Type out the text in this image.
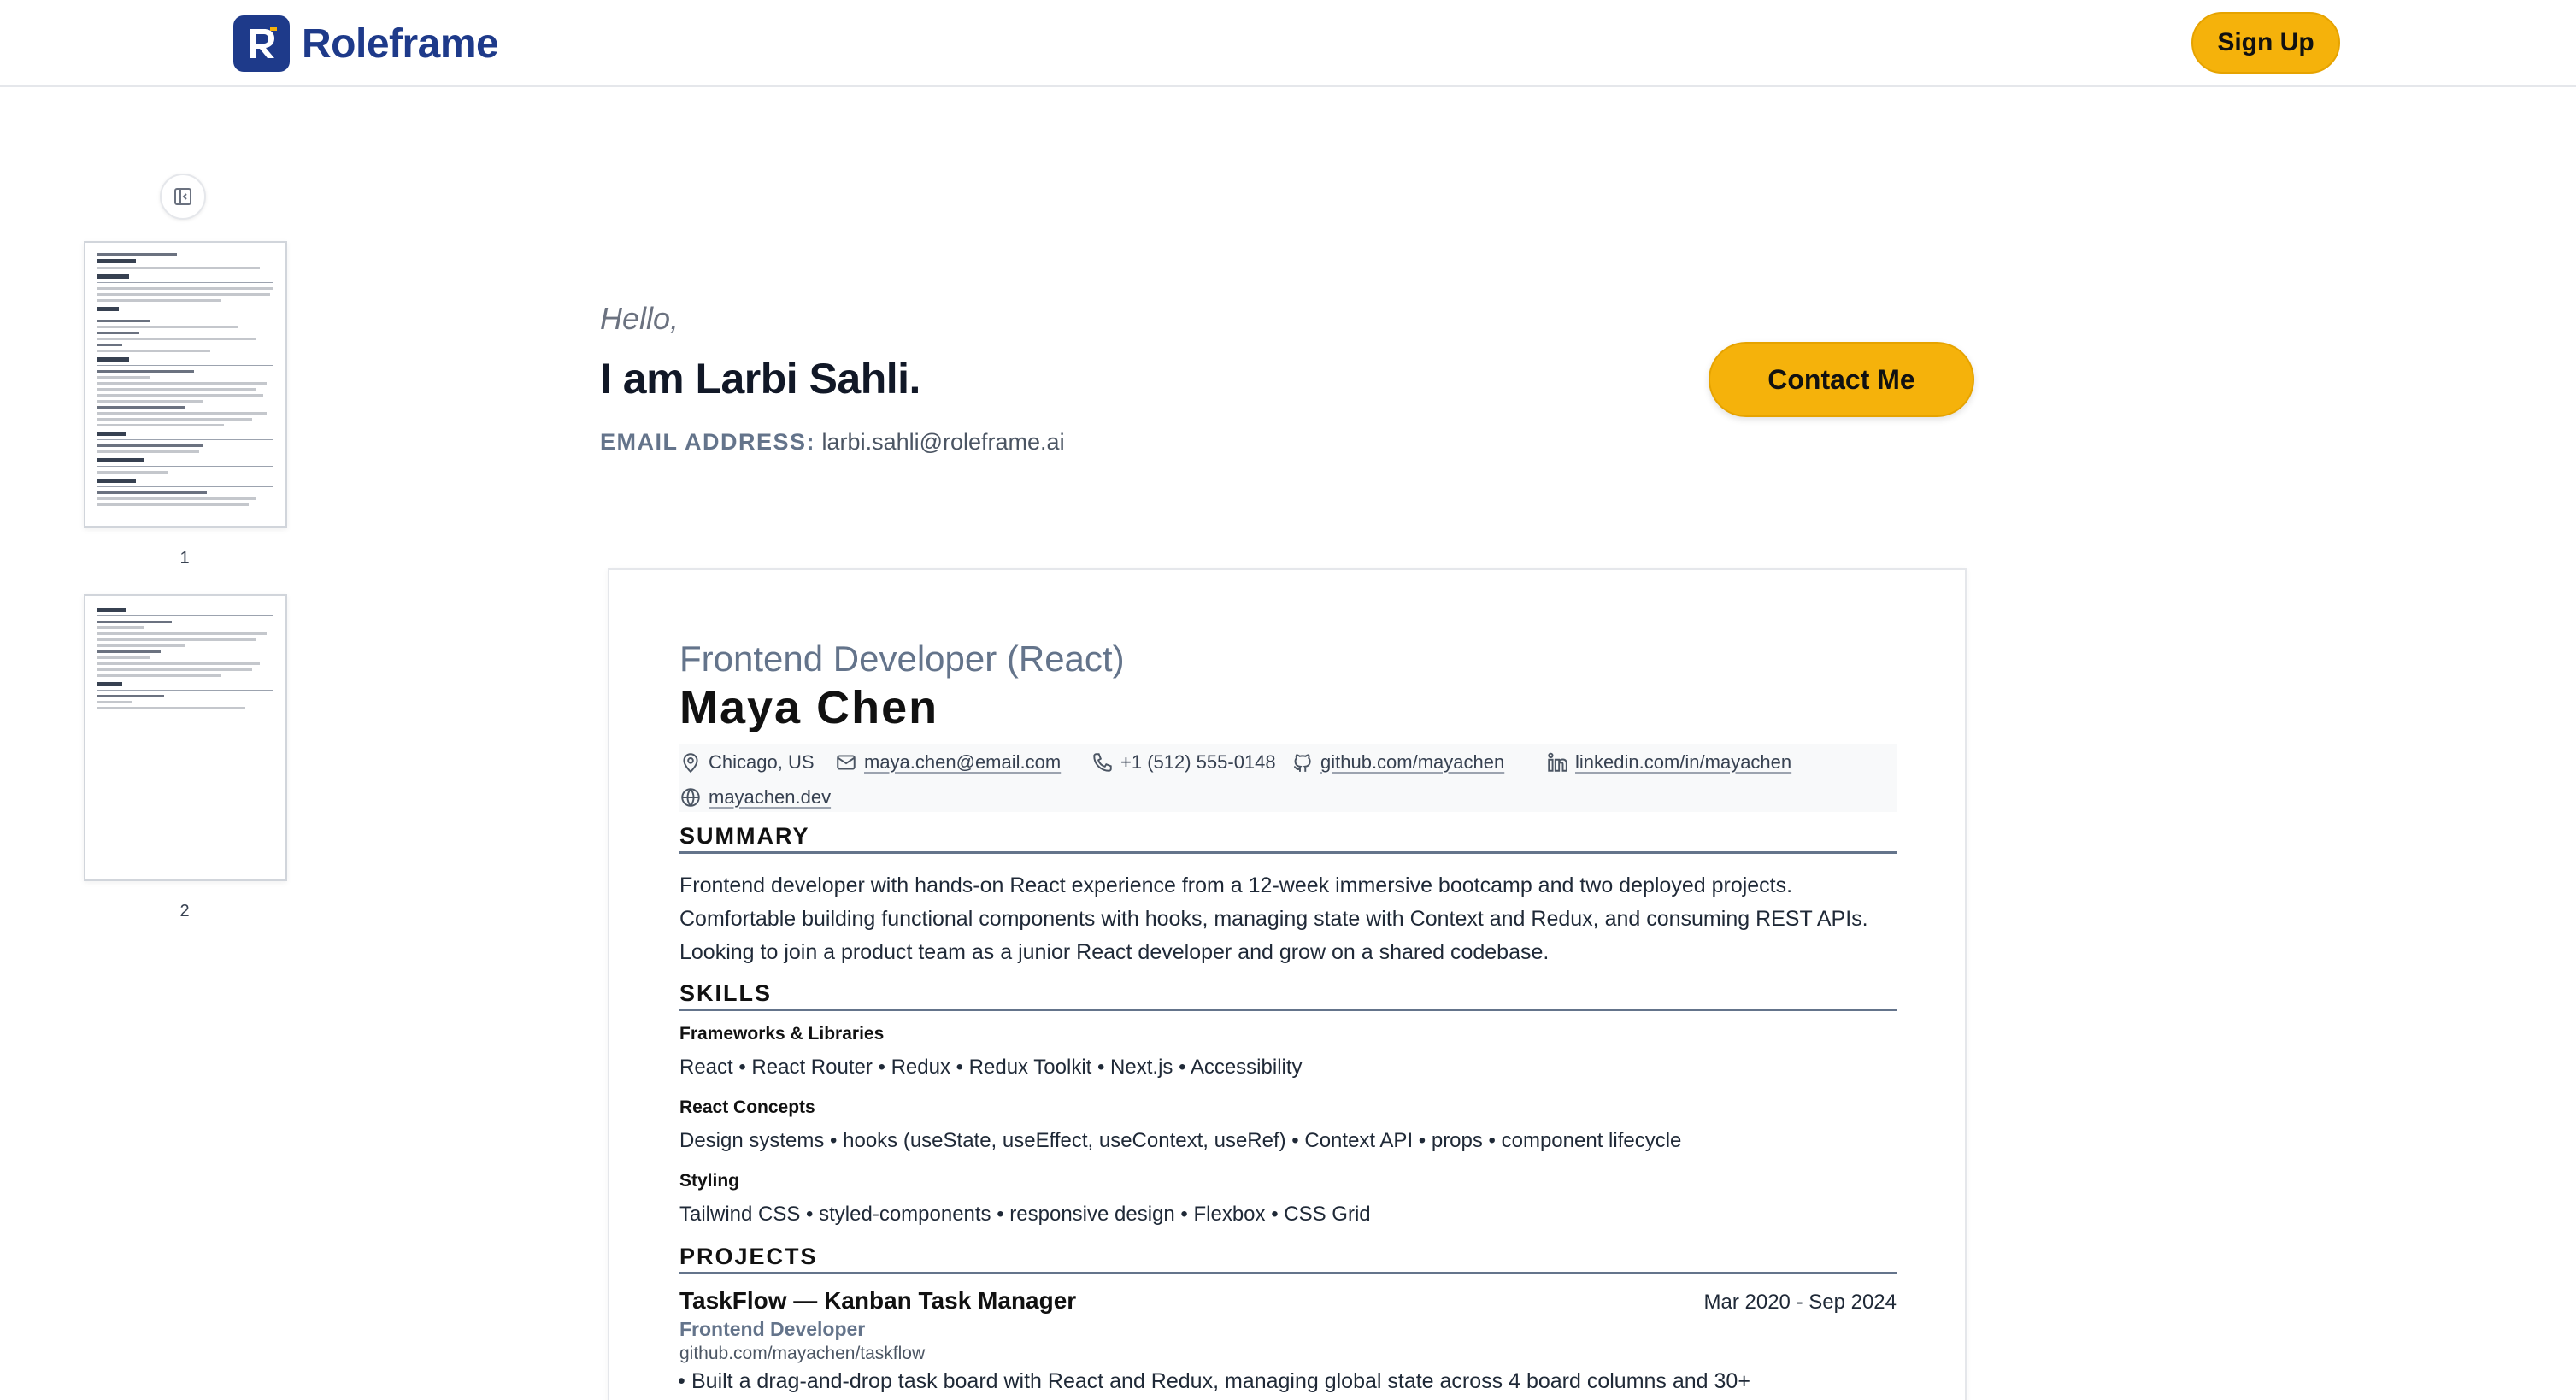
Roleframe	Sign Up
1
2
Hello,
I am Larbi Sahli.
EMAIL ADDRESS: larbi.sahli@roleframe.ai
Contact Me
Frontend Developer (React)
Maya Chen
Chicago, US	maya.chen@email.com	+1 (512) 555-0148 github.com/mayachen	linkedin.com/in/mayachen
mayachen.dev
SUMMARY
Frontend developer with hands-on React experience from a 12-week immersive bootcamp and two deployed projects. Comfortable building functional components with hooks, managing state with Context and Redux, and consuming REST APIs. Looking to join a product team as a junior React developer and grow on a shared codebase.
SKILLS
Frameworks & Libraries
React • React Router • Redux • Redux Toolkit • Next.js • Accessibility
React Concepts
Design systems • hooks (useState, useEffect, useContext, useRef) • Context API • props • component lifecycle
Styling
Tailwind CSS • styled-components • responsive design • Flexbox • CSS Grid
PROJECTS
TaskFlow — Kanban Task Manager	Mar 2020 - Sep 2024
Frontend Developer
github.com/mayachen/taskflow
• Built a drag-and-drop task board with React and Redux, managing global state across 4 board columns and 30+
